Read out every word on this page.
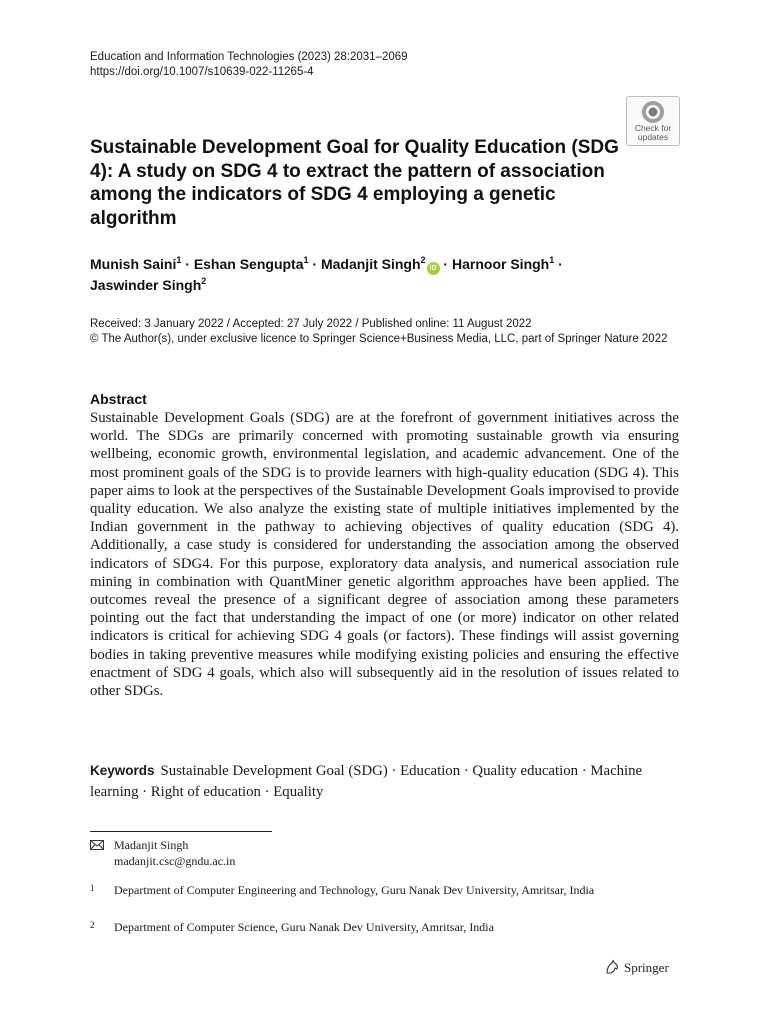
Education and Information Technologies (2023) 28:2031–2069
https://doi.org/10.1007/s10639-022-11265-4
Check for
updates
Sustainable Development Goal for Quality Education (SDG 4): A study on SDG 4 to extract the pattern of association among the indicators of SDG 4 employing a genetic algorithm
Munish Saini$^1$ · Eshan Sengupta$^1$ · Madanjit Singh$^2$iD · Harnoor Singh$^1$ ·
Jaswinder Singh$^2$
Received: 3 January 2022 / Accepted: 27 July 2022 / Published online: 11 August 2022
© The Author(s), under exclusive licence to Springer Science+Business Media, LLC, part of Springer Nature 2022
Abstract

Sustainable Development Goals (SDG) are at the forefront of government initiatives across the world. The SDGs are primarily concerned with promoting sustainable growth via ensuring wellbeing, economic growth, environmental legislation, and academic advancement. One of the most prominent goals of the SDG is to provide learners with high-quality education (SDG 4). This paper aims to look at the perspectives of the Sustainable Development Goals improvised to provide quality education. We also analyze the existing state of multiple initiatives implemented by the Indian government in the pathway to achieving objectives of quality education (SDG 4). Additionally, a case study is considered for understanding the association among the observed indicators of SDG4. For this purpose, exploratory data analysis, and numerical association rule mining in combination with QuantMiner genetic algorithm approaches have been applied. The outcomes reveal the presence of a significant degree of association among these parameters pointing out the fact that understanding the impact of one (or more) indicator on other related indicators is critical for achieving SDG 4 goals (or factors). These findings will assist governing bodies in taking preventive measures while modifying existing policies and ensuring the effective enactment of SDG 4 goals, which also will subsequently aid in the resolution of issues related to other SDGs.

Keywords Sustainable Development Goal (SDG) · Education · Quality education · Machine learning · Right of education · Equality
Madanjit Singh
madanjit.csc@gndu.ac.in
1 Department of Computer Engineering and Technology, Guru Nanak Dev University, Amritsar, India
2 Department of Computer Science, Guru Nanak Dev University, Amritsar, India
Springer
